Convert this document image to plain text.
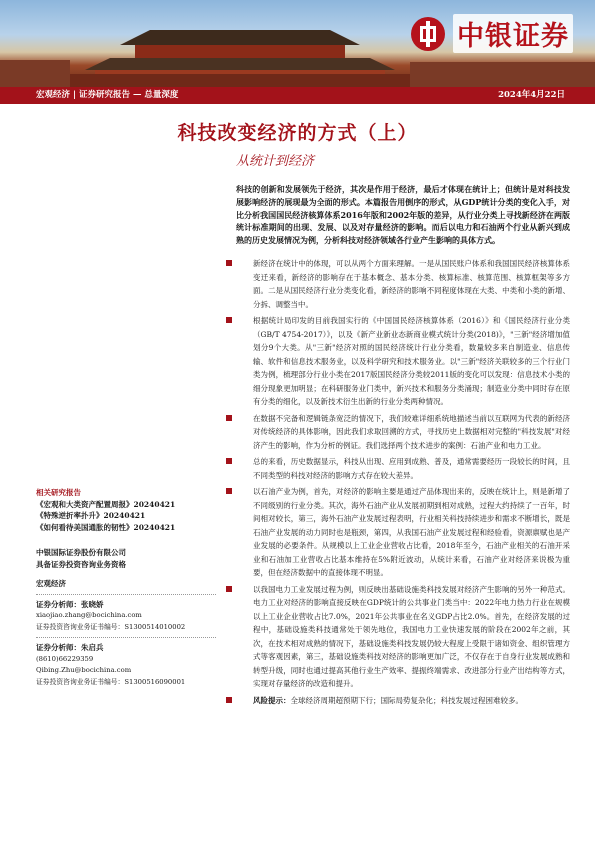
中银证券
宏观经济 | 证券研究报告 — 总量深度	2024年4月22日
科技改变经济的方式（上）
从统计到经济
科技的创新和发展领先于经济，其次是作用于经济，最后才体现在统计上；但统计是对科技发展影响经济的展现最为全面的形式。本篇报告用倒序的形式，从GDP统计分类的变化入手，对比分析我国国民经济核算体系2016年版和2002年版的差异，从行业分类上寻找新经济在两版统计标准期间的出现、发展、以及对存量经济的影响。而后以电力和石油两个行业从新兴到成熟的历史发展情况为例，分析科技对经济领域各行业产生影响的具体方式。
新经济在统计中的体现，可以从两个方面来理解。一是从国民账户体系和我国国民经济核算体系变迁来看，新经济的影响存在于基本概念、基本分类、核算标准、核算范围、核算框架等多方面。二是从国民经济行业分类变化看，新经济的影响不同程度体现在大类、中类和小类的新增、分拆、调整当中。
根据统计局印发的目前我国实行的《中国国民经济核算体系（2016）》和《国民经济行业分类（GB/T 4754-2017）》，以及《新产业新业态新商业模式统计分类(2018)》，"三新"经济增加值划分9个大类。从"三新"经济对照的国民经济统计行业分类看，数量较多来自制造业、信息传输、软件和信息技术服务业，以及科学研究和技术服务业。以"三新"经济关联较多的三个行业门类为例，梳理部分行业小类在2017版国民经济分类较2011版的变化可以发现：信息技术小类的细分现象更加明显；在科研服务业门类中，新兴技术和服务分类涌现；制造业分类中同时存在原有分类的细化，以及新技术衍生出新的行业分类两种情况。
在数据不完备和逻辑链条宽泛的情况下，我们较难详细系统地描述当前以互联网为代表的新经济对传统经济的具体影响，因此我们求取回溯的方式，寻找历史上数据相对完整的"科技发展"对经济产生的影响，作为分析的例证。我们选择两个技术进步的案例：石油产业和电力工业。
总的来看，历史数据显示，科技从出现、应用到成熟、普及，通常需要经历一段较长的时间，且不同类型的科技对经济的影响方式存在较大差异。
以石油产业为例，首先，对经济的影响主要是通过产品体现出来的，反映在统计上，则是新增了不同级别的行业分类。其次，海外石油产业从发展初期到相对成熟，过程大约持续了一百年，时间相对较长，第三，海外石油产业发展过程表明，行业相关科技持续进步和需求不断增长，既是石油产业发展的动力同时也是瓶颈，第四，从我国石油产业发展过程和经验看，资源禀赋也是产业发展的必要条件。从规模以上工业企业营收占比看，2018年至今，石油产业相关的石油开采业和石油加工业营收占比基本维持在5%附近波动，从统计来看，石油产业对经济来说极为重要，但在经济数据中的直接体现不明显。
以我国电力工业发展过程为例，则反映出基础设施类科技发展对经济产生影响的另外一种范式。电力工业对经济的影响直接反映在GDP统计的公共事业门类当中：2022年电力热力行业在规模以上工业企业营收占比7.0%，2021年公共事业在名义GDP占比2.0%。首先，在经济发展的过程中，基础设施类科技通常处于领先地位，我国电力工业快速发展的阶段在2002年之前，其次，在技术相对成熟的情况下，基础设施类科技发展仍较大程度上受限于诸如资金、组织管理方式等客观因素，第三，基础设施类科技对经济的影响更加广泛，不仅存在于自身行业发展成熟和转型升级，同时也通过提高其他行业生产效率、提振终端需求、改进部分行业产出结构等方式，实现对存量经济的改造和提升。
风险提示：全球经济周期超预期下行；国际局势复杂化；科技发展过程困难较多。
相关研究报告
《宏观和大类资产配置周报》20240421
《特殊逆折率扑升》20240421
《如何看待美国通胀的韧性》20240421
中银国际证券股份有限公司
具备证券投资咨询业务资格
宏观经济
证券分析师：张晓娇
xiaojiao.zhang@bocichina.com
证券投资咨询业务证书编号：S1300514010002
证券分析师：朱启兵
(8610)66229359
Qibing.Zhu@bocichina.com
证券投资咨询业务证书编号：S1300516090001
